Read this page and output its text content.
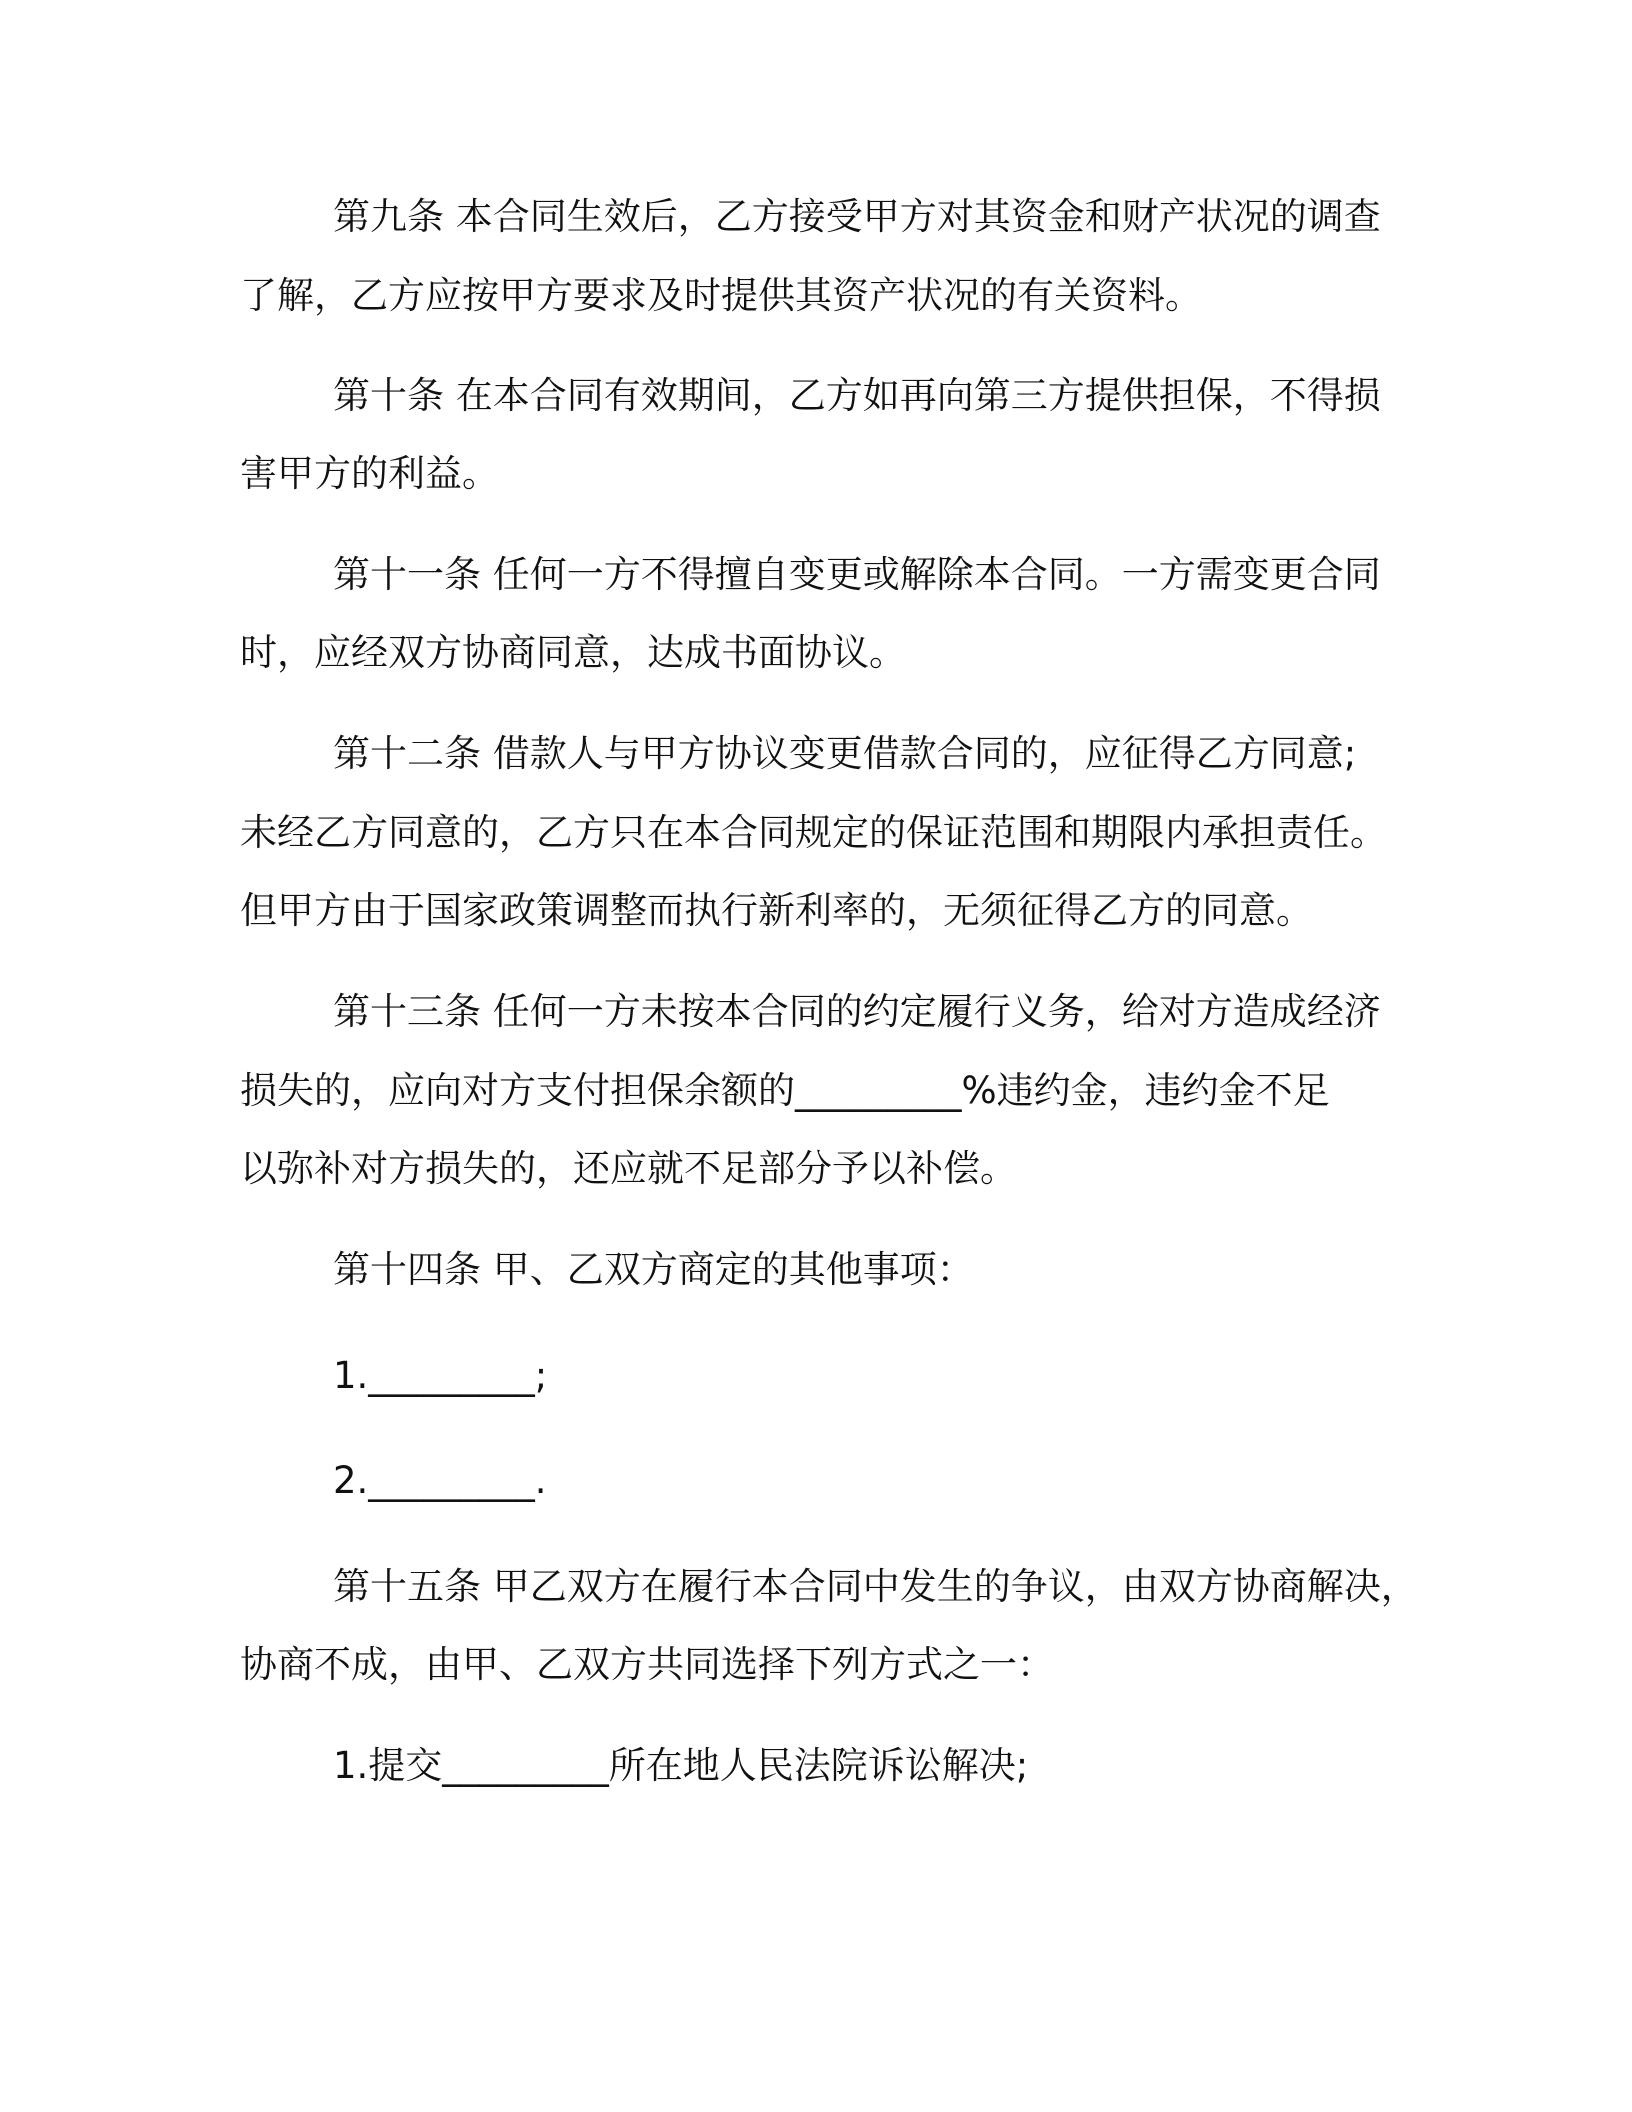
第九条 本合同生效后，乙方接受甲方对其资金和财产状况的调查

了解，乙方应按甲方要求及时提供其资产状况的有关资料。

第十条 在本合同有效期间，乙方如再向第三方提供担保，不得损

害甲方的利益。

第十一条 任何一方不得擅自变更或解除本合同。一方需变更合同

时，应经双方协商同意，达成书面协议。

第十二条 借款人与甲方协议变更借款合同的，应征得乙方同意;

未经乙方同意的，乙方只在本合同规定的保证范围和期限内承担责任。

但甲方由于国家政策调整而执行新利率的，无须征得乙方的同意。

第十三条 任何一方未按本合同的约定履行义务，给对方造成经济

损失的，应向对方支付担保余额的_________%违约金，违约金不足

以弥补对方损失的，还应就不足部分予以补偿。

第十四条 甲、乙双方商定的其他事项：

1._________;

2._________.

第十五条 甲乙双方在履行本合同中发生的争议，由双方协商解决，

协商不成，由甲、乙双方共同选择下列方式之一：

1.提交_________所在地人民法院诉讼解决;
